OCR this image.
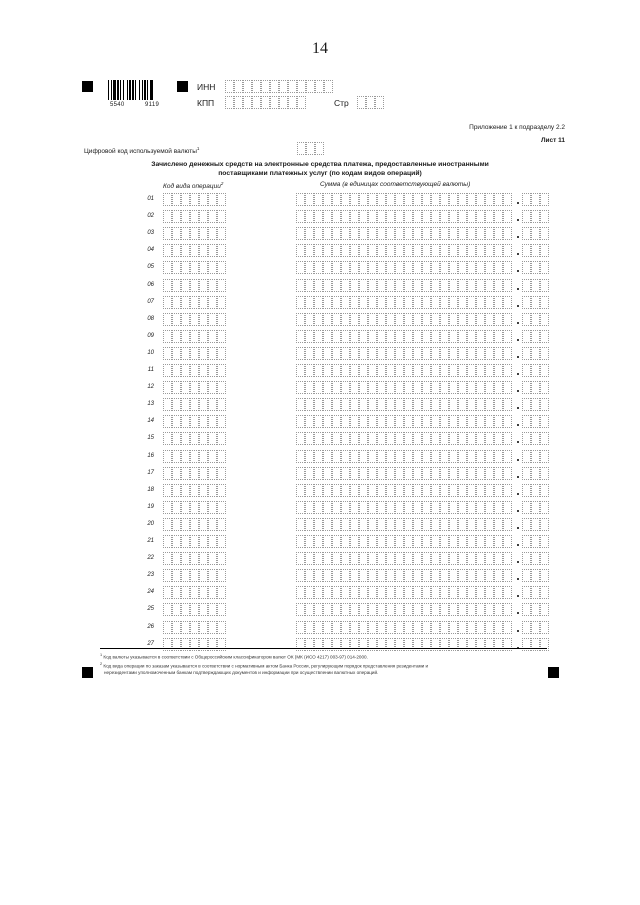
14
5540	9119
ИНН
КПП	Стр
Приложение 1 к подразделу 2.2
Лист 11
Цифровой код используемой валюты$^1$
Зачислено денежных средств на электронные средства платежа, предоставленные иностранными
поставщиками платежных услуг (по кодам видов операций)
Код вида операции$^2$	Сумма (в единицах соответствующей валюты)
01
02
03
04
05
06
07
08
09
10
11
12
13
14
15
16
17
18
19
20
21
22
23
24
25
26
27
$^1$ Код валюты указывается в соответствии с Общероссийским классификатором валют ОК (МК (ИСО 4217) 003-97) 014-2000.
$^2$ Код вида операции по заказам указывается в соответствии с нормативным актом Банка России, регулирующим порядок представления резидентами и
нерезидентами уполномоченным банкам подтверждающих документов и информации при осуществлении валютных операций.
